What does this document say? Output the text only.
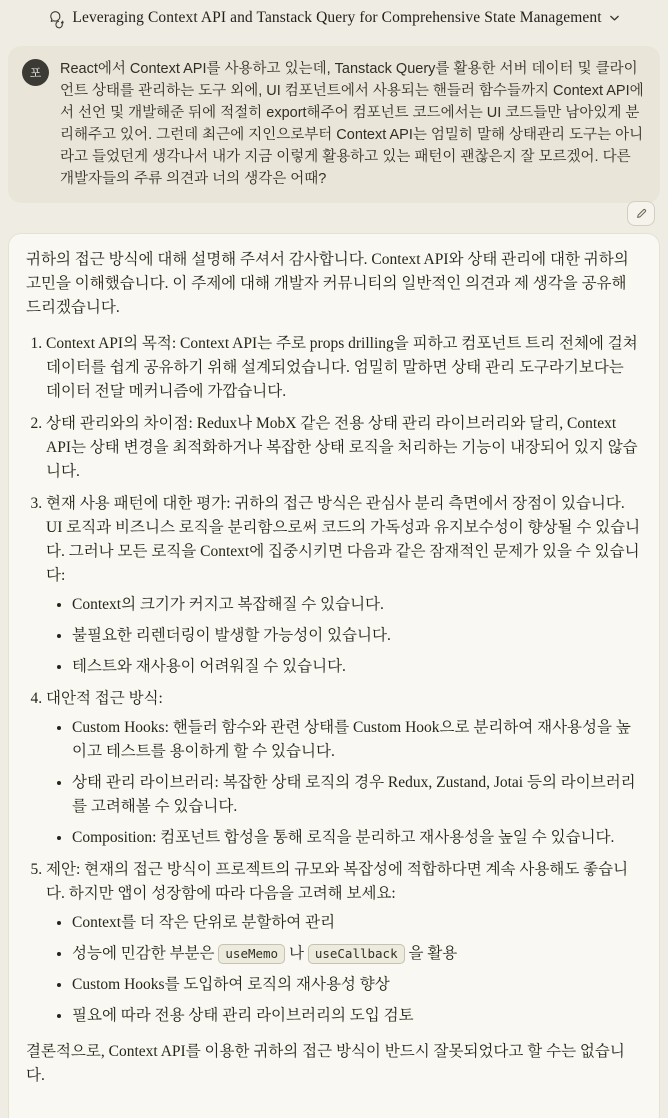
Leveraging Context API and Tanstack Query for Comprehensive State Management
포	React에서 Context API를 사용하고 있는데, Tanstack Query를 활용한 서버 데이터 및 클라이언트 상태를 관리하는 도구 외에, UI 컴포넌트에서 사용되는 핸들러 함수들까지 Context API에서 선언 및 개발해준 뒤에 적절히 export해주어 컴포넌트 코드에서는 UI 코드들만 남아있게 분리해주고 있어. 그런데 최근에 지인으로부터 Context API는 엄밀히 말해 상태관리 도구는 아니라고 들었던게 생각나서 내가 지금 이렇게 활용하고 있는 패턴이 괜찮은지 잘 모르겠어. 다른 개발자들의 주류 의견과 너의 생각은 어때?

귀하의 접근 방식에 대해 설명해 주셔서 감사합니다. Context API와 상태 관리에 대한 귀하의 고민을 이해했습니다. 이 주제에 대해 개발자 커뮤니티의 일반적인 의견과 제 생각을 공유해 드리겠습니다.

1. Context API의 목적: Context API는 주로 props drilling을 피하고 컴포넌트 트리 전체에 걸쳐 데이터를 쉽게 공유하기 위해 설계되었습니다. 엄밀히 말하면 상태 관리 도구라기보다는 데이터 전달 메커니즘에 가깝습니다.
2. 상태 관리와의 차이점: Redux나 MobX 같은 전용 상태 관리 라이브러리와 달리, Context API는 상태 변경을 최적화하거나 복잡한 상태 로직을 처리하는 기능이 내장되어 있지 않습니다.
3. 현재 사용 패턴에 대한 평가: 귀하의 접근 방식은 관심사 분리 측면에서 장점이 있습니다. UI 로직과 비즈니스 로직을 분리함으로써 코드의 가독성과 유지보수성이 향상될 수 있습니다. 그러나 모든 로직을 Context에 집중시키면 다음과 같은 잠재적인 문제가 있을 수 있습니다:
• Context의 크기가 커지고 복잡해질 수 있습니다.
• 불필요한 리렌더링이 발생할 가능성이 있습니다.
• 테스트와 재사용이 어려워질 수 있습니다.
4. 대안적 접근 방식:
• Custom Hooks: 핸들러 함수와 관련 상태를 Custom Hook으로 분리하여 재사용성을 높이고 테스트를 용이하게 할 수 있습니다.
• 상태 관리 라이브러리: 복잡한 상태 로직의 경우 Redux, Zustand, Jotai 등의 라이브러리를 고려해볼 수 있습니다.
• Composition: 컴포넌트 합성을 통해 로직을 분리하고 재사용성을 높일 수 있습니다.
5. 제안: 현재의 접근 방식이 프로젝트의 규모와 복잡성에 적합하다면 계속 사용해도 좋습니다. 하지만 앱이 성장함에 따라 다음을 고려해 보세요:
• Context를 더 작은 단위로 분할하여 관리
• 성능에 민감한 부분은 useMemo 나 useCallback 을 활용
• Custom Hooks를 도입하여 로직의 재사용성 향상
• 필요에 따라 전용 상태 관리 라이브러리의 도입 검토

결론적으로, Context API를 이용한 귀하의 접근 방식이 반드시 잘못되었다고 할 수는 없습니다.
